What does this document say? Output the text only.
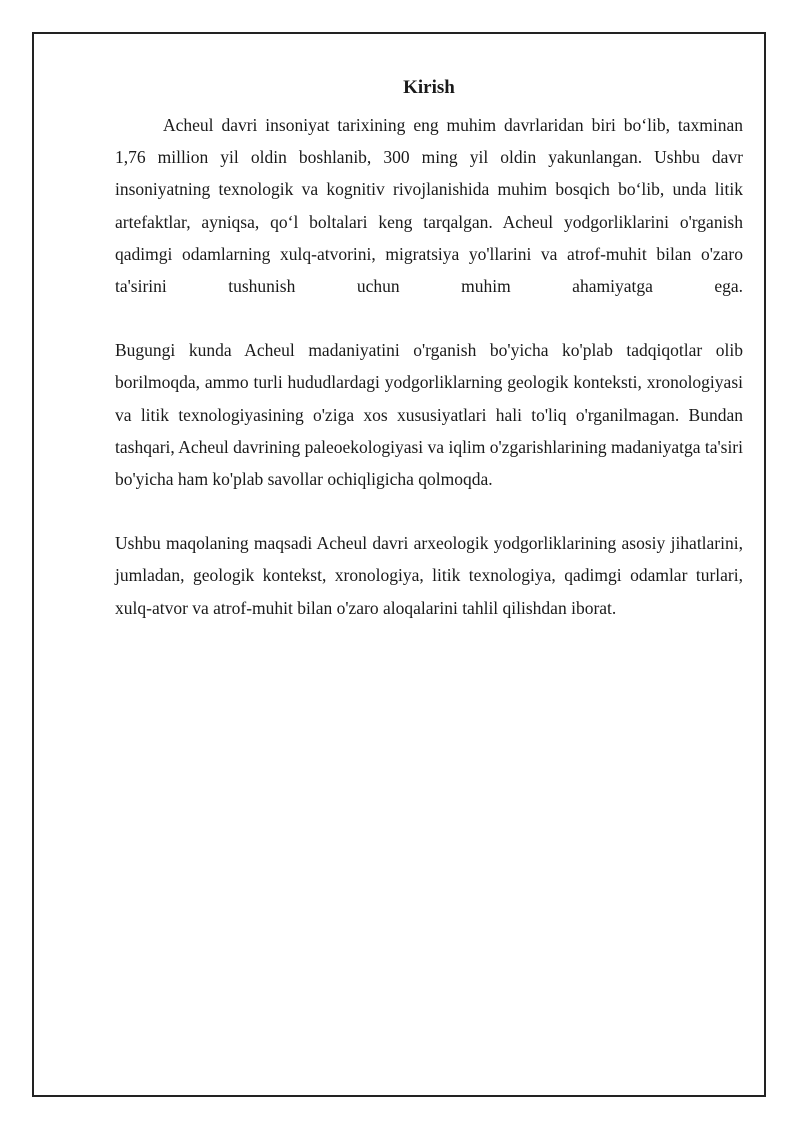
Kirish

Acheul davri insoniyat tarixining eng muhim davrlaridan biri bo‘lib, taxminan 1,76 million yil oldin boshlanib, 300 ming yil oldin yakunlangan. Ushbu davr insoniyatning texnologik va kognitiv rivojlanishida muhim bosqich bo‘lib, unda litik artefaktlar, ayniqsa, qo‘l boltalari keng tarqalgan. Acheul yodgorliklarini o'rganish qadimgi odamlarning xulq-atvorini, migratsiya yo'llarini va atrof-muhit bilan o'zaro ta'sirini tushunish uchun muhim ahamiyatga ega.

Bugungi kunda Acheul madaniyatini o'rganish bo'yicha ko'plab tadqiqotlar olib borilmoqda, ammo turli hududlardagi yodgorliklarning geologik konteksti, xronologiyasi va litik texnologiyasining o'ziga xos xususiyatlari hali to'liq o'rganilmagan. Bundan tashqari, Acheul davrining paleoekologiyasi va iqlim o'zgarishlarining madaniyatga ta'siri bo'yicha ham ko'plab savollar ochiqligicha qolmoqda.

Ushbu maqolaning maqsadi Acheul davri arxeologik yodgorliklarining asosiy jihatlarini, jumladan, geologik kontekst, xronologiya, litik texnologiya, qadimgi odamlar turlari, xulq-atvor va atrof-muhit bilan o'zaro aloqalarini tahlil qilishdan iborat.
